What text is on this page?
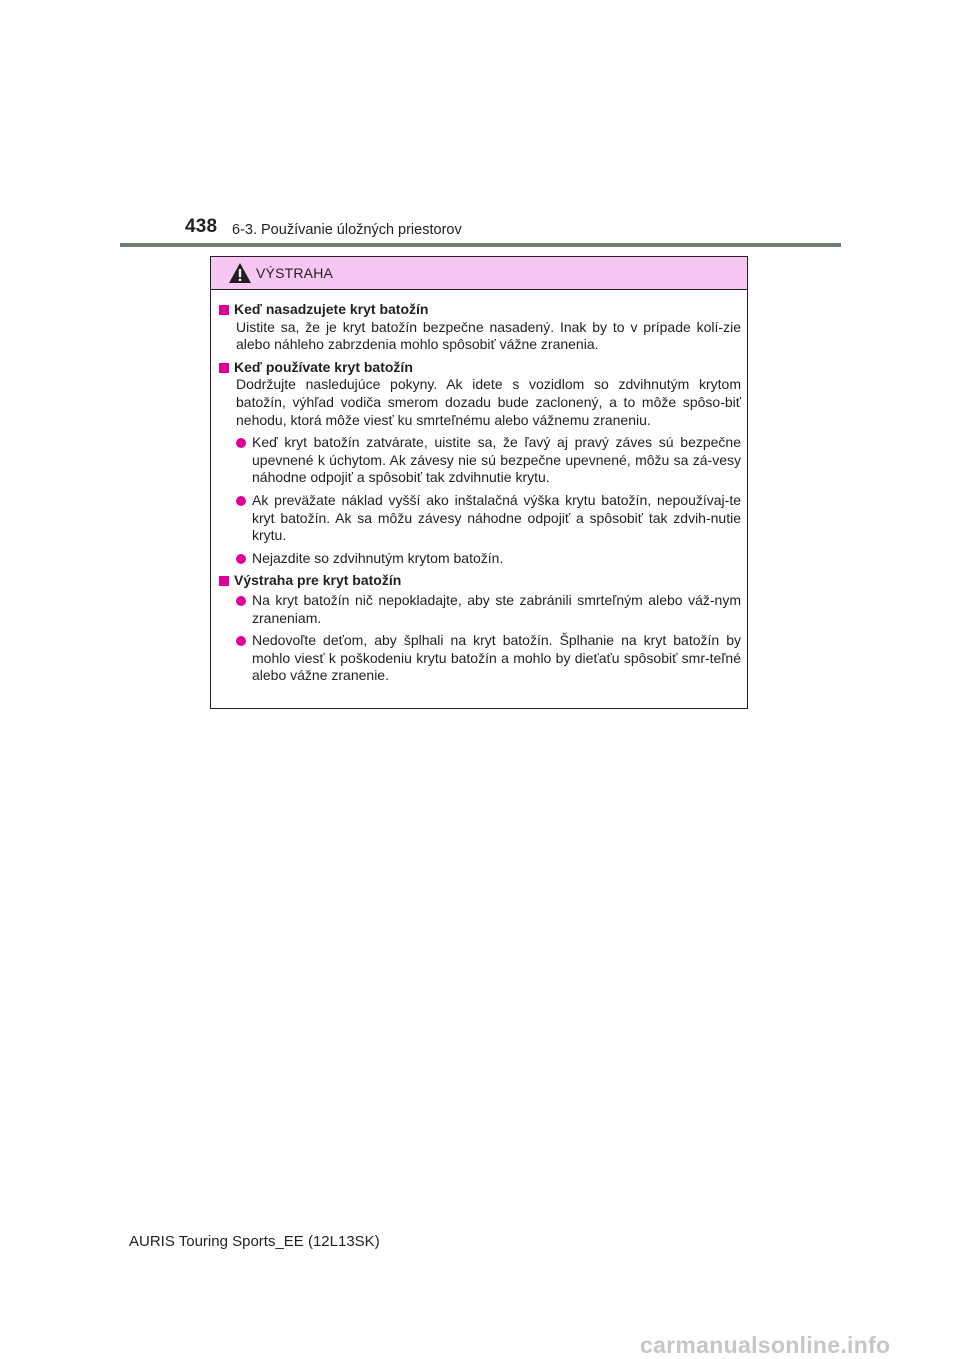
438 6-3. Používanie úložných priestorov
VÝSTRAHA
Keď nasadzujete kryt batožín
Uistite sa, že je kryt batožín bezpečne nasadený. Inak by to v prípade kolí-zie alebo náhleho zabrzdenia mohlo spôsobiť vážne zranenia.
Keď používate kryt batožín
Dodržujte nasledujúce pokyny. Ak idete s vozidlom so zdvihnutým krytom batožín, výhľad vodiča smerom dozadu bude zaclonený, a to môže spôso-biť nehodu, ktorá môže viesť ku smrteľnému alebo vážnemu zraneniu.
Keď kryt batožín zatvárate, uistite sa, že ľavý aj pravý záves sú bezpečne upevnené k úchytom. Ak závesy nie sú bezpečne upevnené, môžu sa zá-vesy náhodne odpojiť a spôsobiť tak zdvihnutie krytu.
Ak preväžate náklad vyšší ako inštalačná výška krytu batožín, nepoužívaj-te kryt batožín. Ak sa môžu závesy náhodne odpojiť a spôsobiť tak zdvih-nutie krytu.
Nejazdite so zdvihnutým krytom batožín.
Výstraha pre kryt batožín
Na kryt batožín nič nepokladajte, aby ste zabránili smrteľným alebo váž-nym zraneniam.
Nedovoľte deťom, aby šplhali na kryt batožín. Šplhanie na kryt batožín by mohlo viesť k poškodeniu krytu batožín a mohlo by dieťaťu spôsobiť smr-teľné alebo vážne zranenie.
AURIS Touring Sports_EE (12L13SK)
carmanualsonline.info
